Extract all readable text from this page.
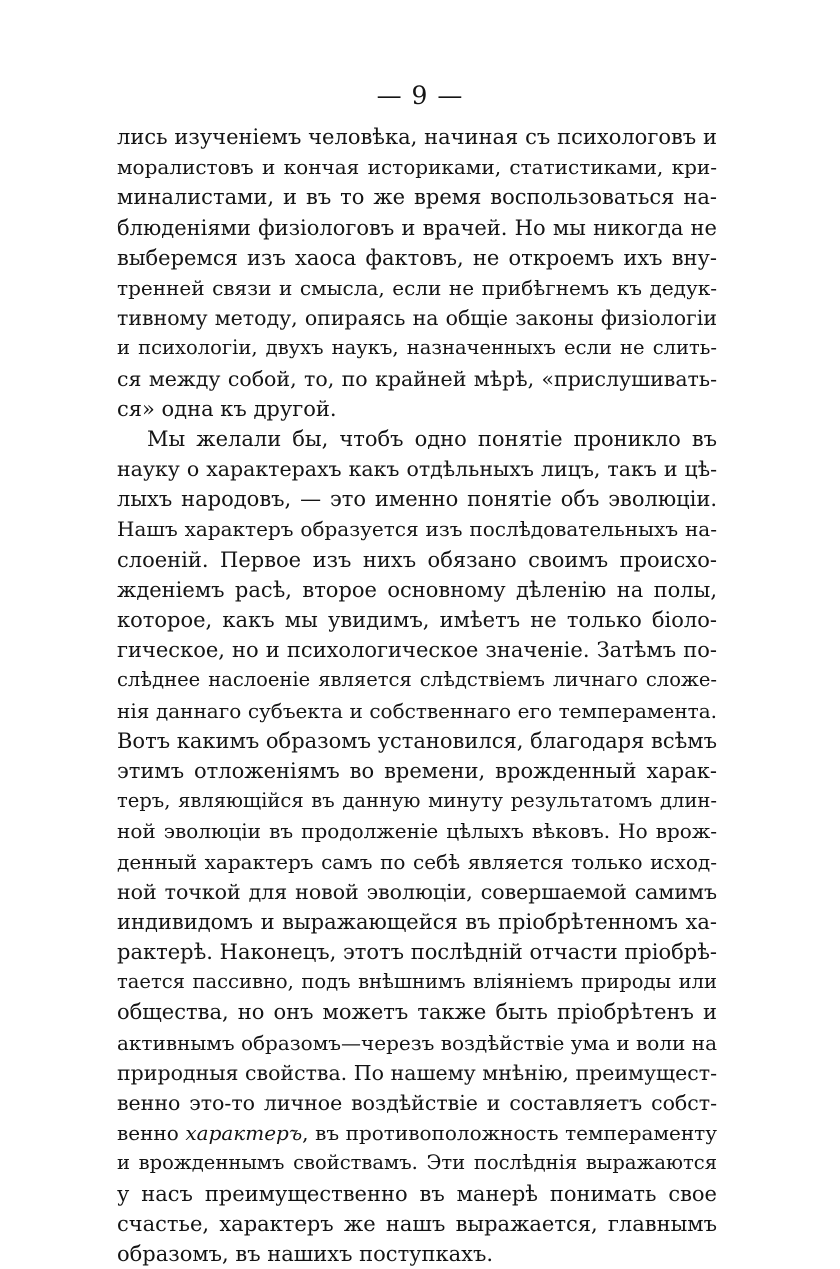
— 9 —
лись изученіемъ человѣка, начиная съ психологовъ и
моралистовъ и кончая историками, статистиками, кри-
миналистами, и въ то же время воспользоваться на-
блюденіями физіологовъ и врачей. Но мы никогда не
выберемся изъ хаоса фактовъ, не откроемъ ихъ вну-
тренней связи и смысла, если не прибѣгнемъ къ дедук-
тивному методу, опираясь на общіе законы физіологіи
и психологіи, двухъ наукъ, назначенныхъ если не слить-
ся между собой, то, по крайней мѣрѣ, «прислушивать-
ся» одна къ другой.
Мы желали бы, чтобъ одно понятіе проникло въ
науку о характерахъ какъ отдѣльныхъ лицъ, такъ и цѣ-
лыхъ народовъ, — это именно понятіе объ эволюціи.
Нашъ характеръ образуется изъ послѣдовательныхъ на-
слоеній. Первое изъ нихъ обязано своимъ происхо-
жденіемъ расѣ, второе основному дѣленію на полы,
которое, какъ мы увидимъ, имѣетъ не только біоло-
гическое, но и психологическое значеніе. Затѣмъ по-
слѣднее наслоеніе является слѣдствіемъ личнаго сложе-
нія даннаго субъекта и собственнаго его темперамента.
Вотъ какимъ образомъ установился, благодаря всѣмъ
этимъ отложеніямъ во времени, врожденный харак-
теръ, являющійся въ данную минуту результатомъ длин-
ной эволюціи въ продолженіе цѣлыхъ вѣковъ. Но врож-
денный характеръ самъ по себѣ является только исход-
ной точкой для новой эволюціи, совершаемой самимъ
индивидомъ и выражающейся въ пріобрѣтенномъ ха-
рактерѣ. Наконецъ, этотъ послѣдній отчасти пріобрѣ-
тается пассивно, подъ внѣшнимъ вліяніемъ природы или
общества, но онъ можетъ также быть пріобрѣтенъ и
активнымъ образомъ—черезъ воздѣйствіе ума и воли на
природныя свойства. По нашему мнѣнію, преимущест-
венно это-то личное воздѣйствіе и составляетъ собст-
венно характеръ, въ противоположность темпераменту
и врожденнымъ свойствамъ. Эти послѣднія выражаются
у насъ преимущественно въ манерѣ понимать свое
счастье, характеръ же нашъ выражается, главнымъ
образомъ, въ нашихъ поступкахъ.
